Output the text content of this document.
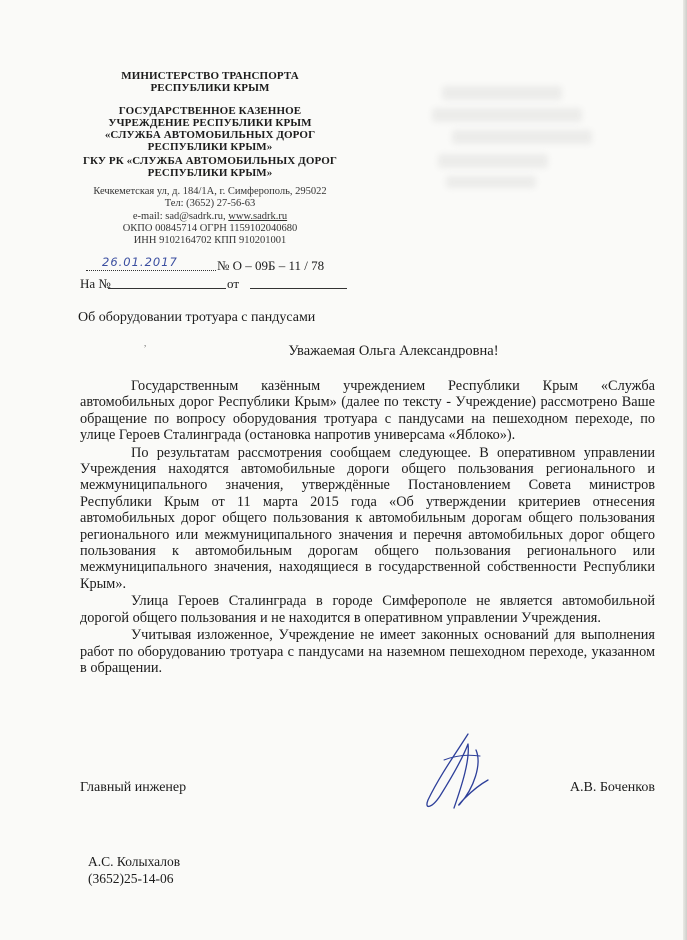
МИНИСТЕРСТВО ТРАНСПОРТА
РЕСПУБЛИКИ КРЫМ
ГОСУДАРСТВЕННОЕ КАЗЕННОЕ
УЧРЕЖДЕНИЕ РЕСПУБЛИКИ КРЫМ
«СЛУЖБА АВТОМОБИЛЬНЫХ ДОРОГ
РЕСПУБЛИКИ КРЫМ»
ГКУ РК «СЛУЖБА АВТОМОБИЛЬНЫХ ДОРОГ
РЕСПУБЛИКИ КРЫМ»
Кечкеметская ул, д. 184/1А, г. Симферополь, 295022
Тел: (3652) 27-56-63
e-mail: sad@sadrk.ru, www.sadrk.ru
ОКПО 00845714 ОГРН 1159102040680
ИНН 9102164702 КПП 910201001
26.01.2017	№ О – 09Б – 11 / 78
На №	от
Об оборудовании тротуара с пандусами
,	Уважаемая Ольга Александровна!

Государственным казённым учреждением Республики Крым «Служба автомобильных дорог Республики Крым» (далее по тексту - Учреждение) рассмотрено Ваше обращение по вопросу оборудования тротуара с пандусами на пешеходном переходе, по улице Героев Сталинграда (остановка напротив универсама «Яблоко»).

По результатам рассмотрения сообщаем следующее. В оперативном управлении Учреждения находятся автомобильные дороги общего пользования регионального и межмуниципального значения, утверждённые Постановлением Совета министров Республики Крым от 11 марта 2015 года «Об утверждении критериев отнесения автомобильных дорог общего пользования к автомобильным дорогам общего пользования регионального или межмуниципального значения и перечня автомобильных дорог общего пользования к автомобильным дорогам общего пользования регионального или межмуниципального значения, находящиеся в государственной собственности Республики Крым».

Улица Героев Сталинграда в городе Симферополе не является автомобильной дорогой общего пользования и не находится в оперативном управлении Учреждения.

Учитывая изложенное, Учреждение не имеет законных оснований для выполнения работ по оборудованию тротуара с пандусами на наземном пешеходном переходе, указанном в обращении.

Главный инженер	А.В. Боченков
А.С. Колыхалов
(3652)25-14-06
